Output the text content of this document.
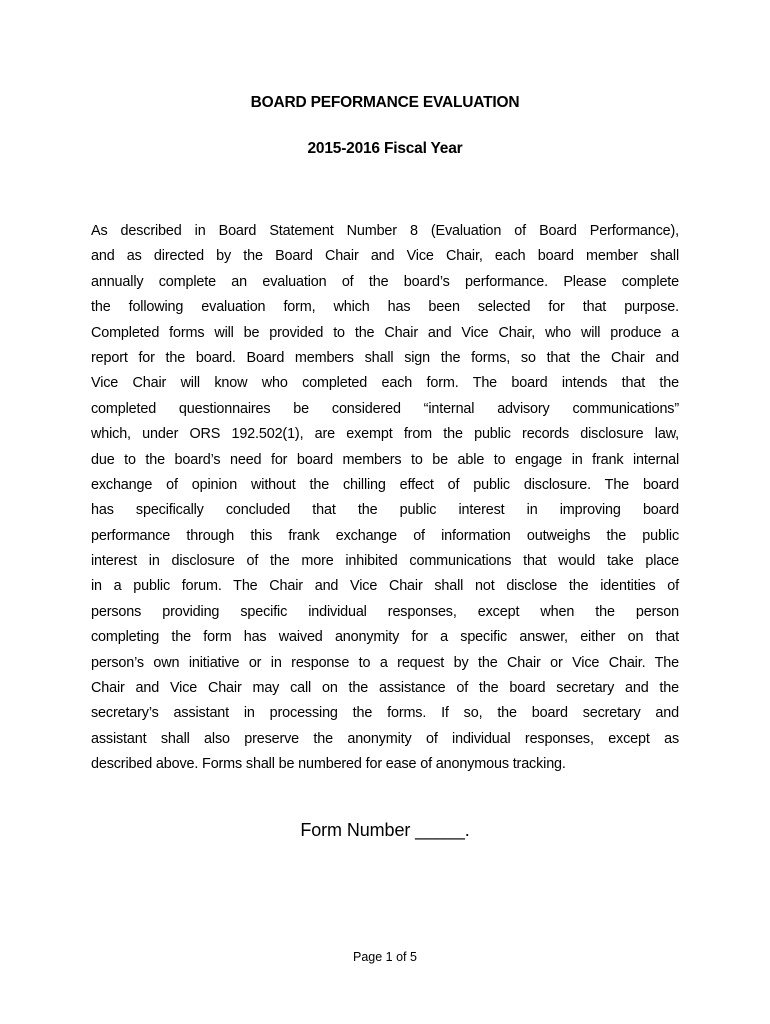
BOARD PEFORMANCE EVALUATION
2015-2016 Fiscal Year
As described in Board Statement Number 8 (Evaluation of Board Performance),
and as directed by the Board Chair and Vice Chair, each board member shall
annually complete an evaluation of the board’s performance. Please complete
the following evaluation form, which has been selected for that purpose.
Completed forms will be provided to the Chair and Vice Chair, who will produce a
report for the board. Board members shall sign the forms, so that the Chair and
Vice Chair will know who completed each form. The board intends that the
completed questionnaires be considered “internal advisory communications”
which, under ORS 192.502(1), are exempt from the public records disclosure law,
due to the board’s need for board members to be able to engage in frank internal
exchange of opinion without the chilling effect of public disclosure. The board
has specifically concluded that the public interest in improving board
performance through this frank exchange of information outweighs the public
interest in disclosure of the more inhibited communications that would take place
in a public forum. The Chair and Vice Chair shall not disclose the identities of
persons providing specific individual responses, except when the person
completing the form has waived anonymity for a specific answer, either on that
person’s own initiative or in response to a request by the Chair or Vice Chair. The
Chair and Vice Chair may call on the assistance of the board secretary and the
secretary’s assistant in processing the forms. If so, the board secretary and
assistant shall also preserve the anonymity of individual responses, except as
described above. Forms shall be numbered for ease of anonymous tracking.
Form Number _____.
Page 1 of 5
